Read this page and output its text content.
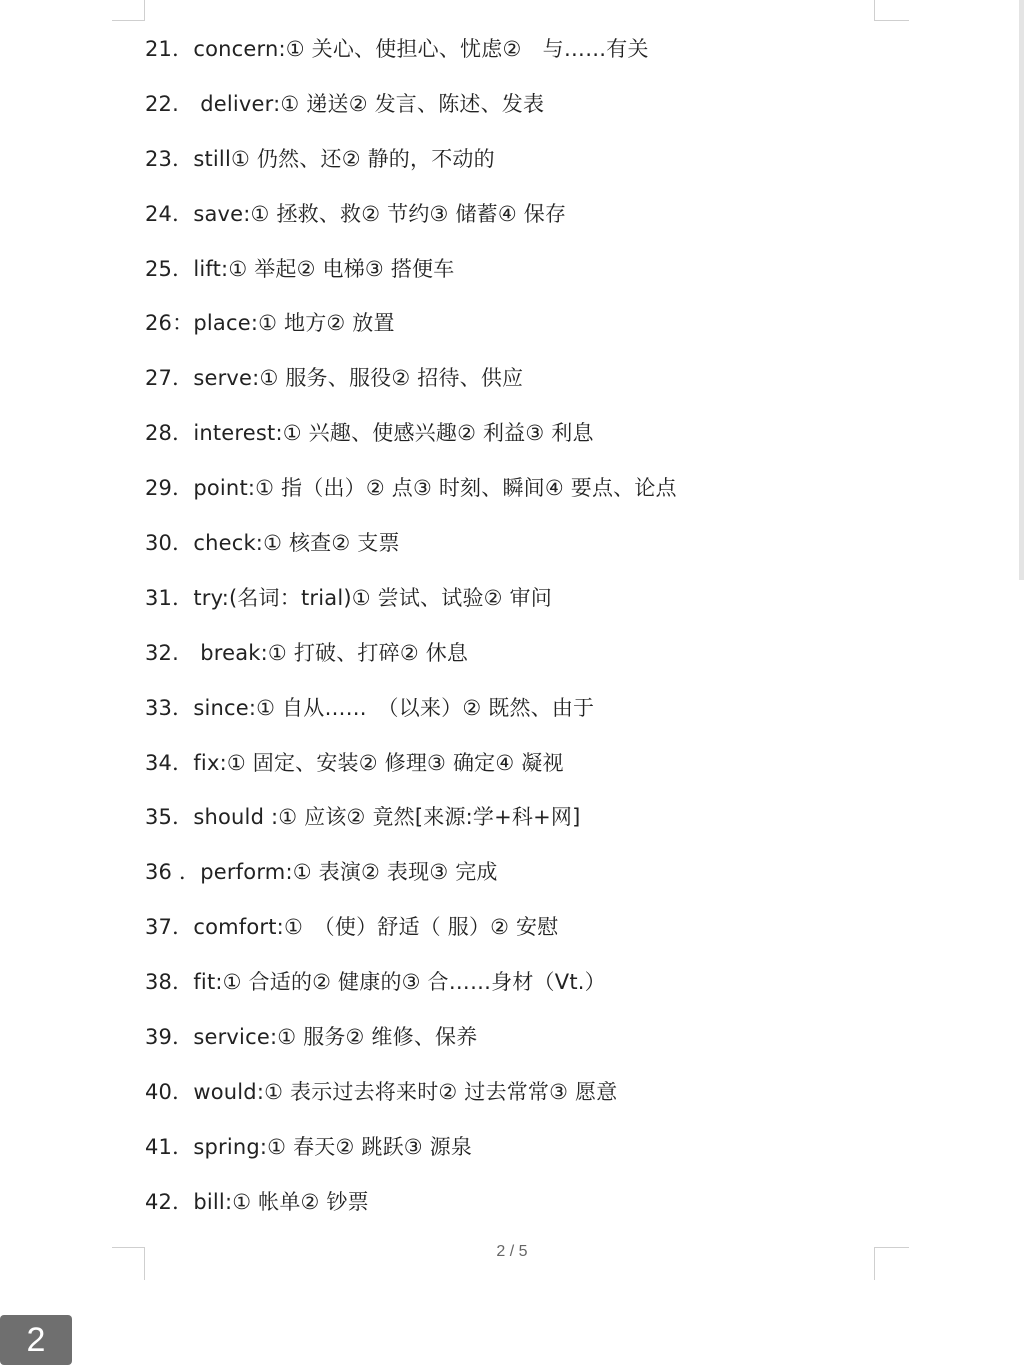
21．concern:① 关心、使担心、忧虑②　与……有关
22.　deliver:① 递送② 发言、陈述、发表
23．still① 仍然、还② 静的，不动的
24．save:① 拯救、救② 节约③ 储蓄④ 保存
25．lift:① 举起② 电梯③ 搭便车
26：place:① 地方② 放置
27．serve:① 服务、服役② 招待、供应
28．interest:① 兴趣、使感兴趣② 利益③ 利息
29．point:① 指（出）② 点③ 时刻、瞬间④ 要点、论点
30．check:① 核查② 支票
31．try:(名词：trial)① 尝试、试验② 审问
32.　break:① 打破、打碎② 休息
33．since:① 自从……　（以来）② 既然、由于
34．fix:① 固定、安装② 修理③ 确定④ 凝视
35．should :① 应该② 竟然[来源:学+科+网]
36 ．perform:① 表演② 表现③ 完成
37．comfort:①　（使）舒适（ 服）② 安慰
38．fit:① 合适的② 健康的③ 合……身材（Vt.）
39．service:① 服务② 维修、保养
40．would:① 表示过去将来时② 过去常常③ 愿意
41．spring:① 春天② 跳跃③ 源泉
42．bill:① 帐单② 钞票
2 / 5
2
